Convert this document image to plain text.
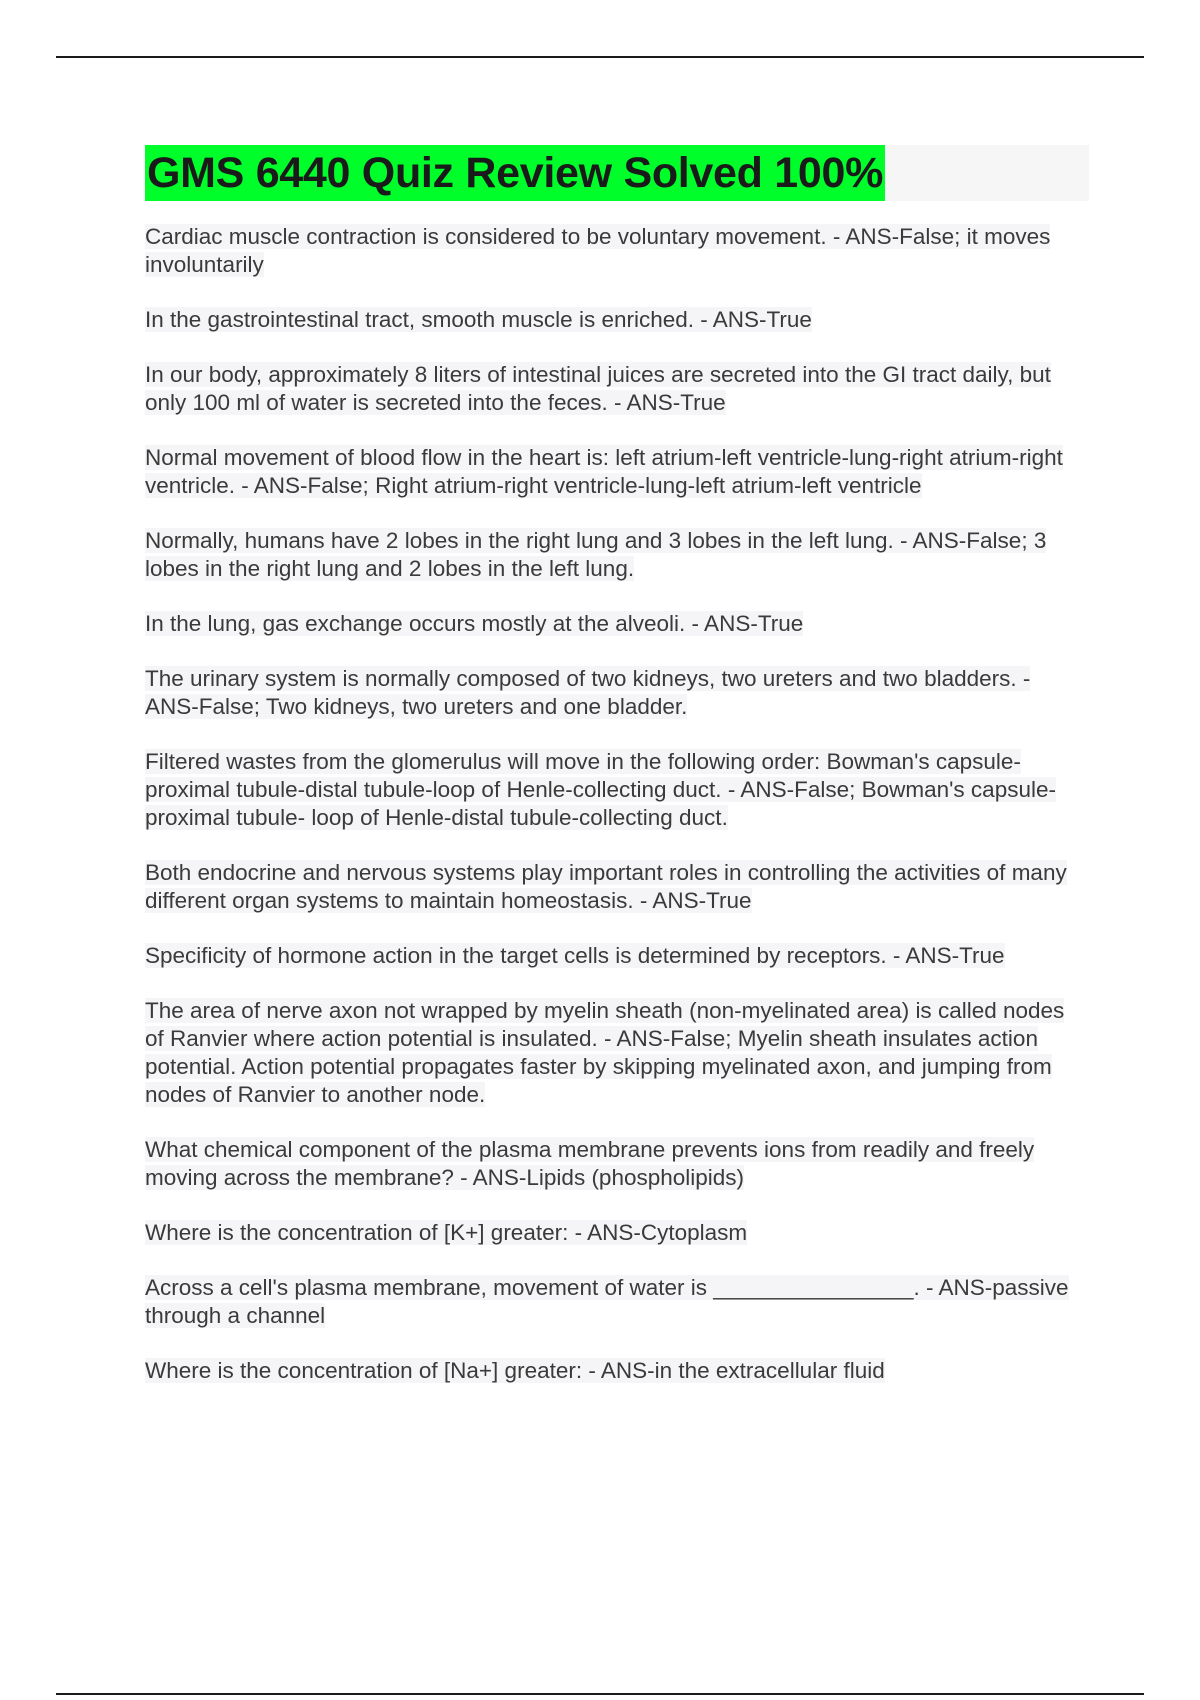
GMS 6440 Quiz Review Solved 100%

Cardiac muscle contraction is considered to be voluntary movement. - ANS-False; it moves involuntarily

In the gastrointestinal tract, smooth muscle is enriched. - ANS-True

In our body, approximately 8 liters of intestinal juices are secreted into the GI tract daily, but only 100 ml of water is secreted into the feces. - ANS-True

Normal movement of blood flow in the heart is: left atrium-left ventricle-lung-right atrium-right ventricle. - ANS-False; Right atrium-right ventricle-lung-left atrium-left ventricle

Normally, humans have 2 lobes in the right lung and 3 lobes in the left lung. - ANS-False; 3 lobes in the right lung and 2 lobes in the left lung.

In the lung, gas exchange occurs mostly at the alveoli. - ANS-True

The urinary system is normally composed of two kidneys, two ureters and two bladders. - ANS-False; Two kidneys, two ureters and one bladder.

Filtered wastes from the glomerulus will move in the following order: Bowman's capsule-proximal tubule-distal tubule-loop of Henle-collecting duct. - ANS-False; Bowman's capsule-proximal tubule- loop of Henle-distal tubule-collecting duct.

Both endocrine and nervous systems play important roles in controlling the activities of many different organ systems to maintain homeostasis. - ANS-True

Specificity of hormone action in the target cells is determined by receptors. - ANS-True

The area of nerve axon not wrapped by myelin sheath (non-myelinated area) is called nodes of Ranvier where action potential is insulated. - ANS-False; Myelin sheath insulates action potential. Action potential propagates faster by skipping myelinated axon, and jumping from nodes of Ranvier to another node.

What chemical component of the plasma membrane prevents ions from readily and freely moving across the membrane? - ANS-Lipids (phospholipids)

Where is the concentration of [K+] greater: - ANS-Cytoplasm

Across a cell's plasma membrane, movement of water is ________________. - ANS-passive through a channel

Where is the concentration of [Na+] greater: - ANS-in the extracellular fluid
